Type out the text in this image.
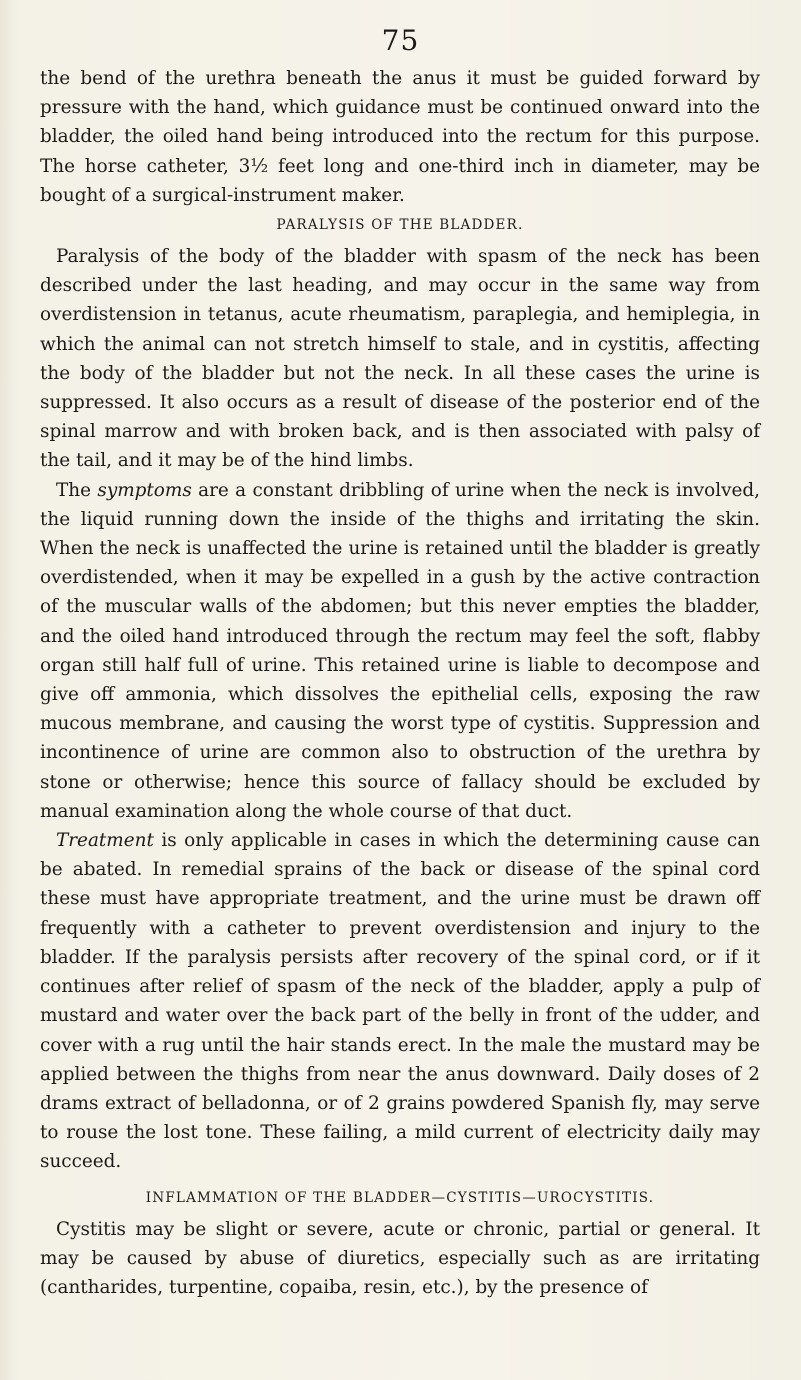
75

the bend of the urethra beneath the anus it must be guided forward by pressure with the hand, which guidance must be continued onward into the bladder, the oiled hand being introduced into the rectum for this purpose. The horse catheter, 3½ feet long and one-third inch in diameter, may be bought of a surgical-instrument maker.

PARALYSIS OF THE BLADDER.

Paralysis of the body of the bladder with spasm of the neck has been described under the last heading, and may occur in the same way from overdistension in tetanus, acute rheumatism, paraplegia, and hemiplegia, in which the animal can not stretch himself to stale, and in cystitis, affecting the body of the bladder but not the neck. In all these cases the urine is suppressed. It also occurs as a result of disease of the posterior end of the spinal marrow and with broken back, and is then associated with palsy of the tail, and it may be of the hind limbs.

The symptoms are a constant dribbling of urine when the neck is involved, the liquid running down the inside of the thighs and irritating the skin. When the neck is unaffected the urine is retained until the bladder is greatly overdistended, when it may be expelled in a gush by the active contraction of the muscular walls of the abdomen; but this never empties the bladder, and the oiled hand introduced through the rectum may feel the soft, flabby organ still half full of urine. This retained urine is liable to decompose and give off ammonia, which dissolves the epithelial cells, exposing the raw mucous membrane, and causing the worst type of cystitis. Suppression and incontinence of urine are common also to obstruction of the urethra by stone or otherwise; hence this source of fallacy should be excluded by manual examination along the whole course of that duct.

Treatment is only applicable in cases in which the determining cause can be abated. In remedial sprains of the back or disease of the spinal cord these must have appropriate treatment, and the urine must be drawn off frequently with a catheter to prevent overdistension and injury to the bladder. If the paralysis persists after recovery of the spinal cord, or if it continues after relief of spasm of the neck of the bladder, apply a pulp of mustard and water over the back part of the belly in front of the udder, and cover with a rug until the hair stands erect. In the male the mustard may be applied between the thighs from near the anus downward. Daily doses of 2 drams extract of belladonna, or of 2 grains powdered Spanish fly, may serve to rouse the lost tone. These failing, a mild current of electricity daily may succeed.

INFLAMMATION OF THE BLADDER—CYSTITIS—UROCYSTITIS.

Cystitis may be slight or severe, acute or chronic, partial or general. It may be caused by abuse of diuretics, especially such as are irritating (cantharides, turpentine, copaiba, resin, etc.), by the presence of
